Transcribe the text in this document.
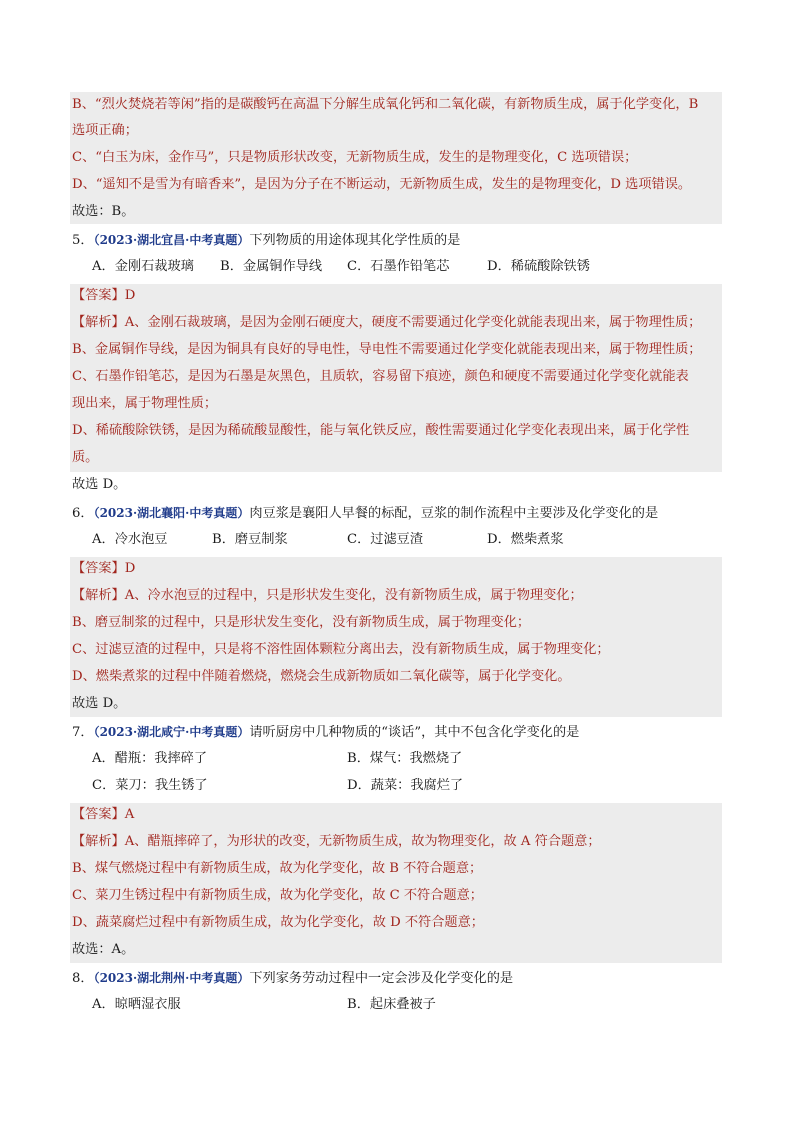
B、“烈火焚烧若等闲”指的是碳酸钙在高温下分解生成氧化钙和二氧化碳，有新物质生成，属于化学变化，B
选项正确；
C、“白玉为床，金作马”，只是物质形状改变，无新物质生成，发生的是物理变化，C 选项错误；
D、“遥知不是雪为有暗香来”，是因为分子在不断运动，无新物质生成，发生的是物理变化，D 选项错误。
故选：B。
5．（2023·湖北宜昌·中考真题）下列物质的用途体现其化学性质的是
A．金刚石裁玻璃 B．金属铜作导线 C．石墨作铅笔芯	D．稀硫酸除铁锈
【答案】D
【解析】A、金刚石裁玻璃，是因为金刚石硬度大，硬度不需要通过化学变化就能表现出来，属于物理性质；
B、金属铜作导线，是因为铜具有良好的导电性，导电性不需要通过化学变化就能表现出来，属于物理性质；
C、石墨作铅笔芯，是因为石墨是灰黑色，且质软，容易留下痕迹，颜色和硬度不需要通过化学变化就能表
现出来，属于物理性质；
D、稀硫酸除铁锈，是因为稀硫酸显酸性，能与氧化铁反应，酸性需要通过化学变化表现出来，属于化学性
质。
故选 D。
6．（2023·湖北襄阳·中考真题）肉豆浆是襄阳人早餐的标配，豆浆的制作流程中主要涉及化学变化的是
A．冷水泡豆	B．磨豆制浆	C．过滤豆渣	D．燃柴煮浆
【答案】D
【解析】A、冷水泡豆的过程中，只是形状发生变化，没有新物质生成，属于物理变化；
B、磨豆制浆的过程中，只是形状发生变化，没有新物质生成，属于物理变化；
C、过滤豆渣的过程中，只是将不溶性固体颗粒分离出去，没有新物质生成，属于物理变化；
D、燃柴煮浆的过程中伴随着燃烧，燃烧会生成新物质如二氧化碳等，属于化学变化。
故选 D。
7．（2023·湖北咸宁·中考真题）请听厨房中几种物质的“谈话”，其中不包含化学变化的是
A．醋瓶：我摔碎了	B．煤气：我燃烧了
C．菜刀：我生锈了	D．蔬菜：我腐烂了
【答案】A
【解析】A、醋瓶摔碎了，为形状的改变，无新物质生成，故为物理变化，故 A 符合题意；
B、煤气燃烧过程中有新物质生成，故为化学变化，故 B 不符合题意；
C、菜刀生锈过程中有新物质生成，故为化学变化，故 C 不符合题意；
D、蔬菜腐烂过程中有新物质生成，故为化学变化，故 D 不符合题意；
故选：A。
8．（2023·湖北荆州·中考真题）下列家务劳动过程中一定会涉及化学变化的是
A．晾晒湿衣服	B．起床叠被子
